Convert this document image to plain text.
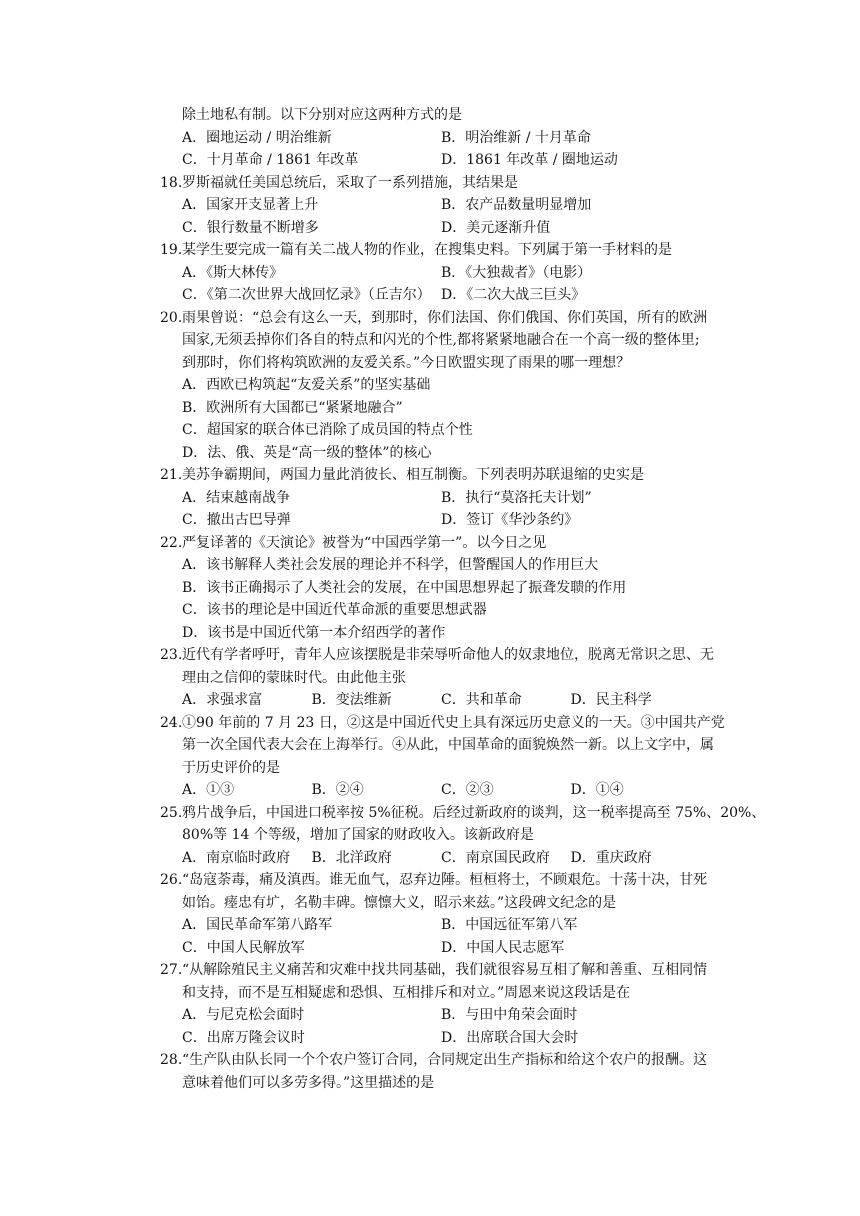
除土地私有制。以下分别对应这两种方式的是
A．圈地运动 / 明治维新	B．明治维新 / 十月革命
C．十月革命 / 1861 年改革	D．1861 年改革 / 圈地运动
18. 罗斯福就任美国总统后，采取了一系列措施，其结果是
A．国家开支显著上升	B．农产品数量明显增加
C．银行数量不断增多	D．美元逐渐升值
19. 某学生要完成一篇有关二战人物的作业，在搜集史料。下列属于第一手材料的是
A．《斯大林传》	B．《大独裁者》（电影）
C．《第二次世界大战回忆录》（丘吉尔） D．《二次大战三巨头》
20. 雨果曾说：“总会有这么一天，到那时，你们法国、你们俄国、你们英国，所有的欧洲
国家,无须丢掉你们各自的特点和闪光的个性,都将紧紧地融合在一个高一级的整体里;
到那时，你们将构筑欧洲的友爱关系。”今日欧盟实现了雨果的哪一理想？
A．西欧已构筑起“友爱关系”的坚实基础
B．欧洲所有大国都已“紧紧地融合”
C．超国家的联合体已消除了成员国的特点个性
D．法、俄、英是“高一级的整体”的核心
21. 美苏争霸期间，两国力量此消彼长、相互制衡。下列表明苏联退缩的史实是
A．结束越南战争	B．执行“莫洛托夫计划”
C．撤出古巴导弹	D．签订《华沙条约》
22. 严复译著的《天演论》被誉为“中国西学第一”。以今日之见
A．该书解释人类社会发展的理论并不科学，但警醒国人的作用巨大
B．该书正确揭示了人类社会的发展，在中国思想界起了振聋发聩的作用
C．该书的理论是中国近代革命派的重要思想武器
D．该书是中国近代第一本介绍西学的著作
23. 近代有学者呼吁，青年人应该摆脱是非荣辱听命他人的奴隶地位，脱离无常识之思、无
理由之信仰的蒙昧时代。由此他主张
A．求强求富	B．变法维新	C．共和革命	D．民主科学
24. ①90 年前的 7 月 23 日，②这是中国近代史上具有深远历史意义的一天。③中国共产党
第一次全国代表大会在上海举行。④从此，中国革命的面貌焕然一新。以上文字中，属
于历史评价的是
A．①③	B．②④	C．②③	D．①④
25. 鸦片战争后，中国进口税率按 5%征税。后经过新政府的谈判，这一税率提高至 75%、20%、
80%等 14 个等级，增加了国家的财政收入。该新政府是
A．南京临时政府	B．北洋政府	C．南京国民政府	D．重庆政府
26. “岛寇荼毒，痛及滇西。谁无血气，忍弃边陲。桓桓将士，不顾艰危。十荡十决，甘死
如饴。瘗忠有圹，名勒丰碑。懔懔大义，昭示来兹。”这段碑文纪念的是
A．国民革命军第八路军	B．中国远征军第八军
C．中国人民解放军	D．中国人民志愿军
27. “从解除殖民主义痛苦和灾难中找共同基础，我们就很容易互相了解和善重、互相同情
和支持，而不是互相疑虑和恐惧、互相排斥和对立。”周恩来说这段话是在
A．与尼克松会面时	B．与田中角荣会面时
C．出席万隆会议时	D．出席联合国大会时
28. “生产队由队长同一个个农户签订合同，合同规定出生产指标和给这个农户的报酬。这
意味着他们可以多劳多得。”这里描述的是
